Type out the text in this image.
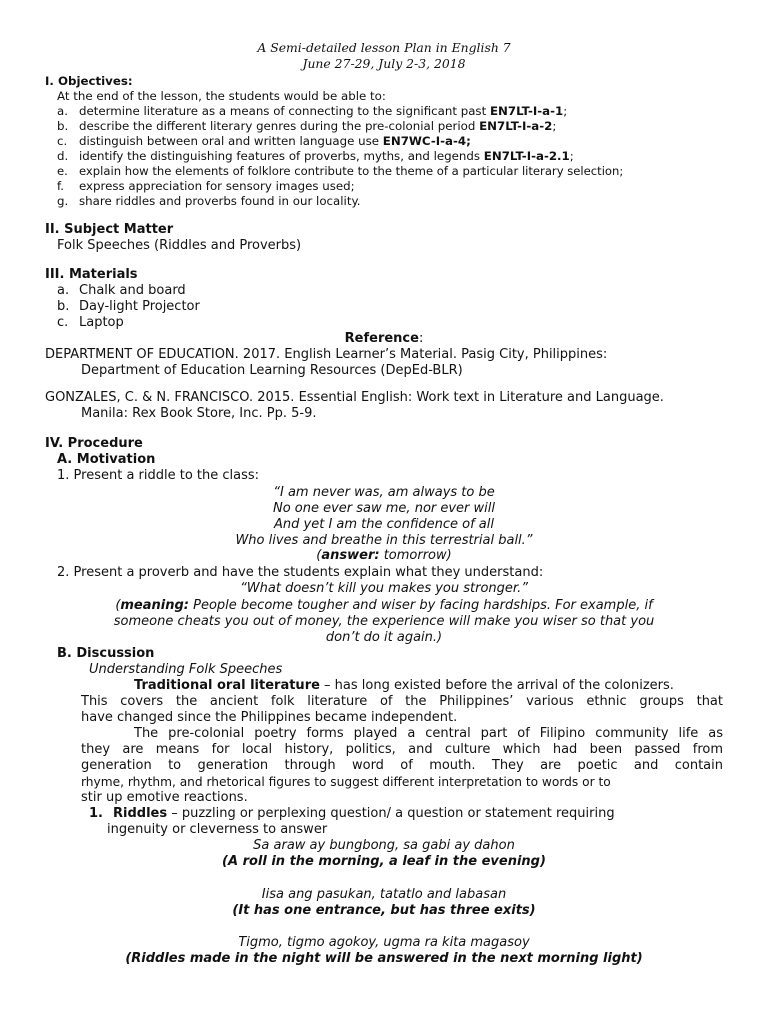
A Semi-detailed lesson Plan in English 7
June 27-29, July 2-3, 2018
I. Objectives:
At the end of the lesson, the students would be able to:
a. determine literature as a means of connecting to the significant past EN7LT-I-a-1;
b. describe the different literary genres during the pre-colonial period EN7LT-I-a-2;
c. distinguish between oral and written language use EN7WC-I-a-4;
d. identify the distinguishing features of proverbs, myths, and legends EN7LT-I-a-2.1;
e. explain how the elements of folklore contribute to the theme of a particular literary selection;
f. express appreciation for sensory images used;
g. share riddles and proverbs found in our locality.
II. Subject Matter
Folk Speeches (Riddles and Proverbs)
III. Materials
a. Chalk and board
b. Day-light Projector
c. Laptop
Reference:
DEPARTMENT OF EDUCATION. 2017. English Learner’s Material. Pasig City, Philippines:
Department of Education Learning Resources (DepEd-BLR)
GONZALES, C. & N. FRANCISCO. 2015. Essential English: Work text in Literature and Language.
Manila: Rex Book Store, Inc. Pp. 5-9.
IV. Procedure
A. Motivation
1. Present a riddle to the class:
“I am never was, am always to be
No one ever saw me, nor ever will
And yet I am the confidence of all
Who lives and breathe in this terrestrial ball.”
(answer: tomorrow)
2. Present a proverb and have the students explain what they understand:
“What doesn’t kill you makes you stronger.”
(meaning: People become tougher and wiser by facing hardships. For example, if
someone cheats you out of money, the experience will make you wiser so that you
don’t do it again.)
B. Discussion
Understanding Folk Speeches
Traditional oral literature – has long existed before the arrival of the colonizers.
This covers the ancient folk literature of the Philippines’ various ethnic groups that
have changed since the Philippines became independent.
The pre-colonial poetry forms played a central part of Filipino community life as
they are means for local history, politics, and culture which had been passed from
generation to generation through word of mouth. They are poetic and contain
rhyme, rhythm, and rhetorical figures to suggest different interpretation to words or to
stir up emotive reactions.
1. Riddles – puzzling or perplexing question/ a question or statement requiring
ingenuity or cleverness to answer
Sa araw ay bungbong, sa gabi ay dahon
(A roll in the morning, a leaf in the evening)
Iisa ang pasukan, tatatlo and labasan
(It has one entrance, but has three exits)
Tigmo, tigmo agokoy, ugma ra kita magasoy
(Riddles made in the night will be answered in the next morning light)
